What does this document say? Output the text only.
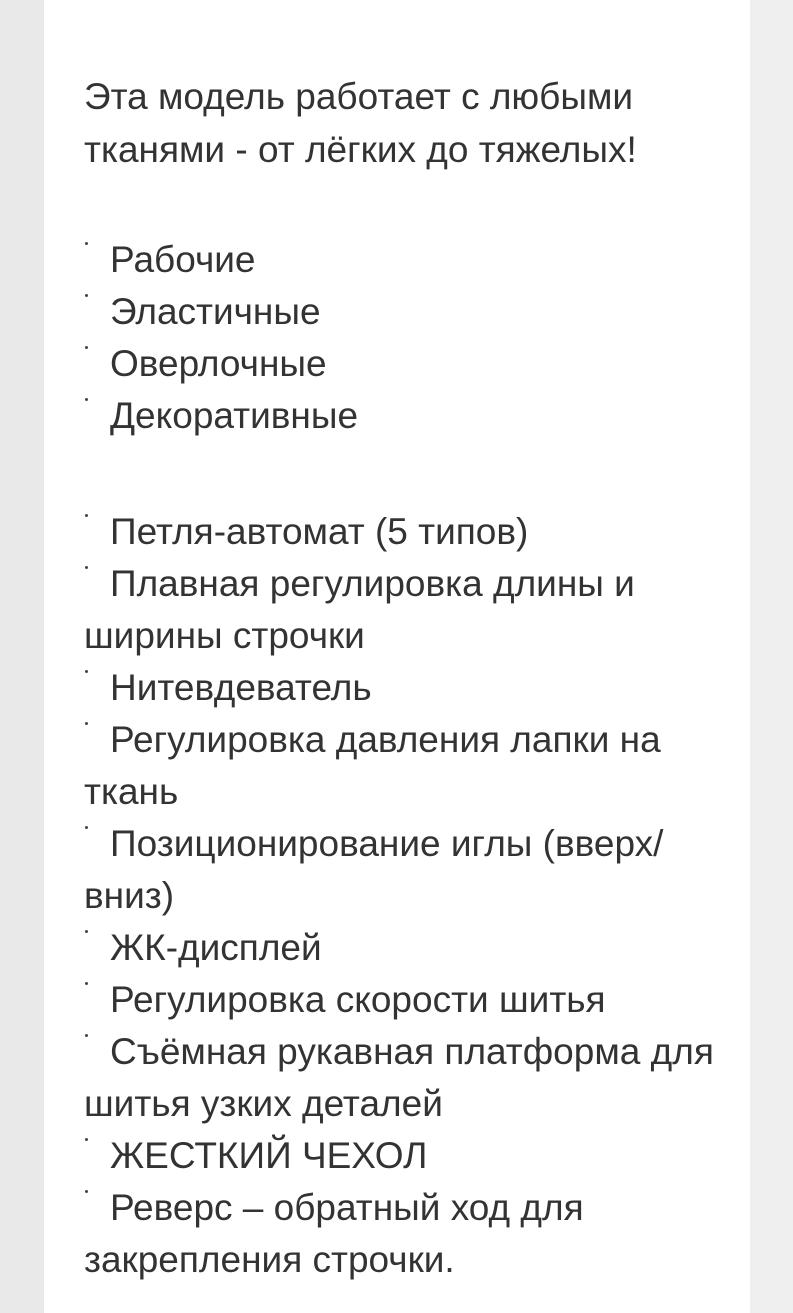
Эта модель работает с любыми тканями - от лёгких до тяжелых!

Рабочие
Эластичные
Оверлочные
Декоративные
Петля-автомат (5 типов)
Плавная регулировка длины и ширины строчки
Нитевдеватель
Регулировка давления лапки на ткань
Позиционирование иглы (вверх/вниз)
ЖК-дисплей
Регулировка скорости шитья
Съёмная рукавная платформа для шитья узких деталей
ЖЕСТКИЙ ЧЕХОЛ
Реверс – обратный ход для закрепления строчки.
